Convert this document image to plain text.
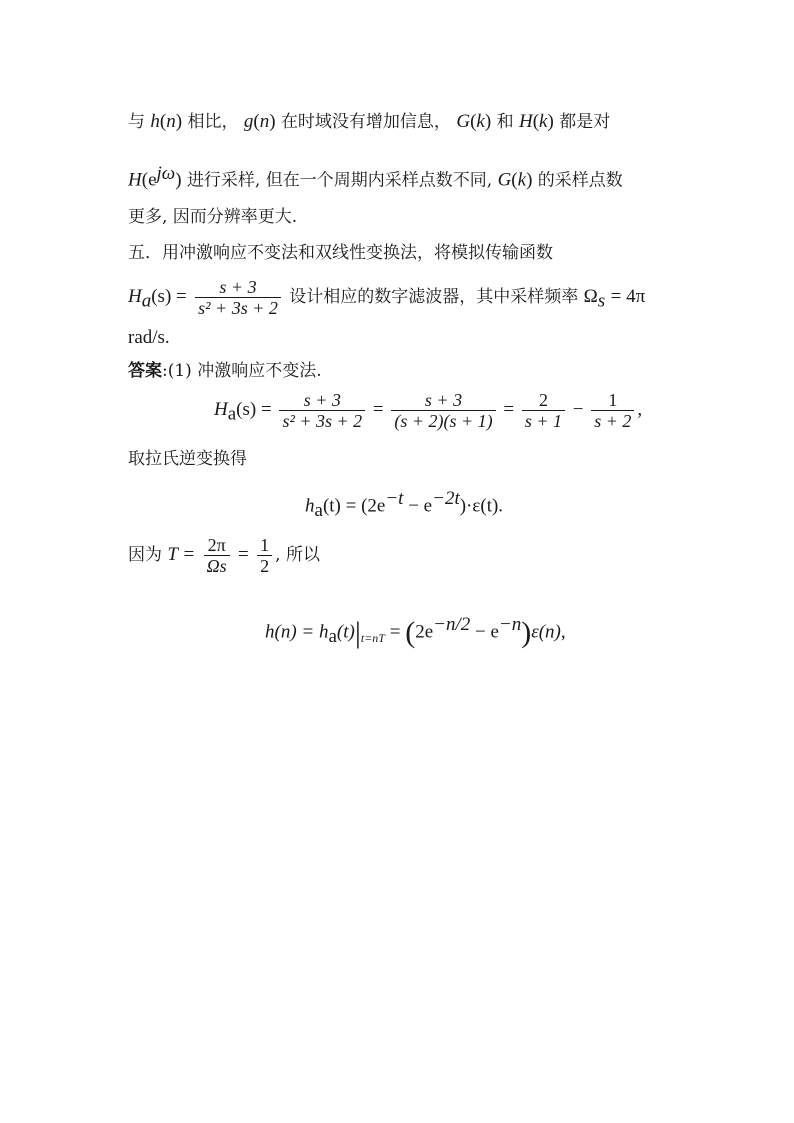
与 h(n) 相比， g(n) 在时域没有增加信息， G(k) 和 H(k) 都是对
$H(e^{j\omega})$ 进行采样, 但在一个周期内采样点数不同, G(k) 的采样点数
更多, 因而分辨率更大.
五．用冲激响应不变法和双线性变换法，将模拟传输函数
$H_a(s) = \frac{s + 3}{\text{s² + 3s + 2}}$ 设计相应的数字滤波器，其中采样频率 $\Omega_s = 4\pi$
rad/s.
答案:(1) 冲激响应不变法.
$H_a(s) = \frac{s + 3}{\text{s² + 3s + 2}} = \frac{s + 3}{(s + 2)(s + 1)} = \frac{2}{s + 1} - \frac{1}{s + 2}$ ,
取拉氏逆变换得
$h_a(t) = (2e^{-t} - e^{-2t})\cdot\varepsilon(t)$.
因为 $T = \frac{2\pi}{\Omega s} = \frac{1}{2}$ , 所以
$h(n) = h_a(t)|_{t=nT} = (2e^{-n/2} - e^{-n})\varepsilon(n)$,
